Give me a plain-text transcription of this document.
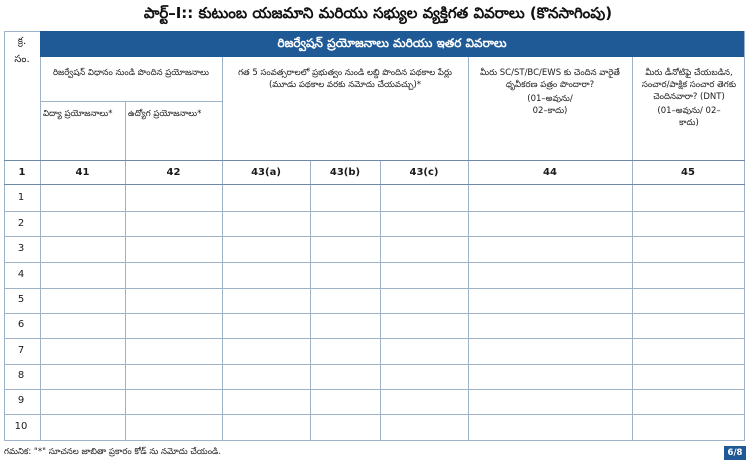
పార్ట్–I:: కుటుంబ యజమాని మరియు సభ్యుల వ్యక్తిగత వివరాలు (కొనసాగింపు)
రిజర్వేషన్ ప్రయోజనాలు మరియు ఇతర వివరాలు
క్ర.
సం.
రిజర్వేషన్ విధానం నుండి పొందిన ప్రయోజనాలు
విద్యా ప్రయోజనాలు*	ఉద్యోగ ప్రయోజనాలు*
గత 5 సంవత్సరాలలో ప్రభుత్వం నుండి లబ్ది పొందిన పథకాల పేర్లు (మూడు పథకాల వరకు నమోదు చేయవచ్చు)*
మీరు SC/ST/BC/EWS కు చెందిన వారైతే ధృవీకరణ పత్రం పొందారా?
(01–అవును/ 02–కాదు)
మీరు డీనోటిఫై చేయబడిన, సంచార/పాక్షిక సంచార తెగకు చెందినవారా? (DNT)
(01–అవును/ 02–కాదు)
1	41	42	43(a)	43(b)	43(c)	44	45
1
2
3
4
5
6
7
8
9
10
గమనిక: "*" సూచనల జాబితా ప్రకారం కోడ్ ను నమోదు చేయండి.	6/8
